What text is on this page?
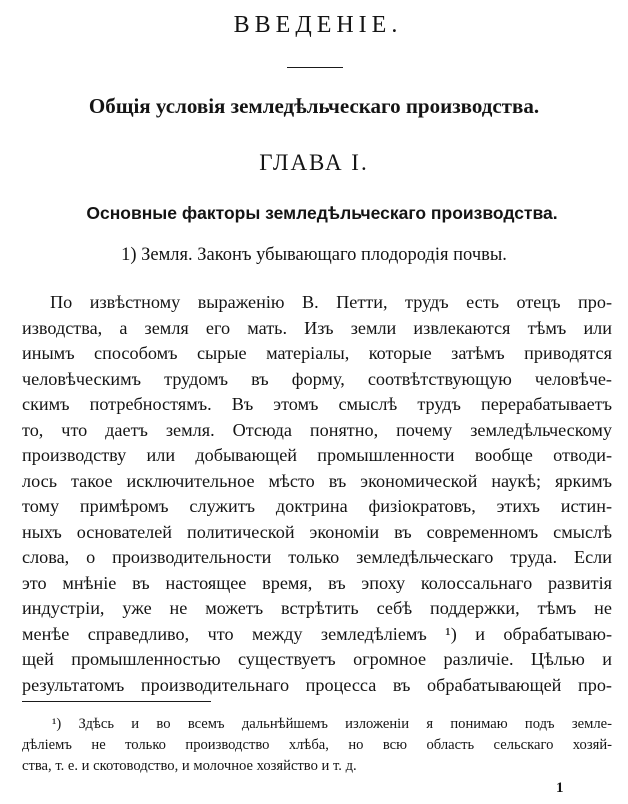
ВВЕДЕНІЕ.
Общія условія земледѣльческаго производства.
ГЛАВА I.
Основные факторы земледѣльческаго производства.
1) Земля. Законъ убывающаго плодородія почвы.
По извѣстному выраженію В. Петти, трудъ есть отецъ про-
изводства, а земля его мать. Изъ земли извлекаются тѣмъ или
инымъ способомъ сырые матеріалы, которые затѣмъ приводятся
человѣческимъ трудомъ въ форму, соотвѣтствующую человѣче-
скимъ потребностямъ. Въ этомъ смыслѣ трудъ перерабатываетъ
то, что даетъ земля. Отсюда понятно, почему земледѣльческому
производству или добывающей промышленности вообще отводи-
лось такое исключительное мѣсто въ экономической наукѣ; яркимъ
тому примѣромъ служитъ доктрина физіократовъ, этихъ истин-
ныхъ основателей политической экономіи въ современномъ смыслѣ
слова, о производительности только земледѣльческаго труда. Если
это мнѣніе въ настоящее время, въ эпоху колоссальнаго развитія
индустріи, уже не можетъ встрѣтить себѣ поддержки, тѣмъ не
менѣе справедливо, что между земледѣліемъ ¹) и обрабатываю-
щей промышленностью существуетъ огромное различіе. Цѣлью и
результатомъ производительнаго процесса въ обрабатывающей про-
¹) Здѣсь и во всемъ дальнѣйшемъ изложеніи я понимаю подъ земле-
дѣліемъ не только производство хлѣба, но всю область сельскаго хозяй-
ства, т. е. и скотоводство, и молочное хозяйство и т. д.
1
